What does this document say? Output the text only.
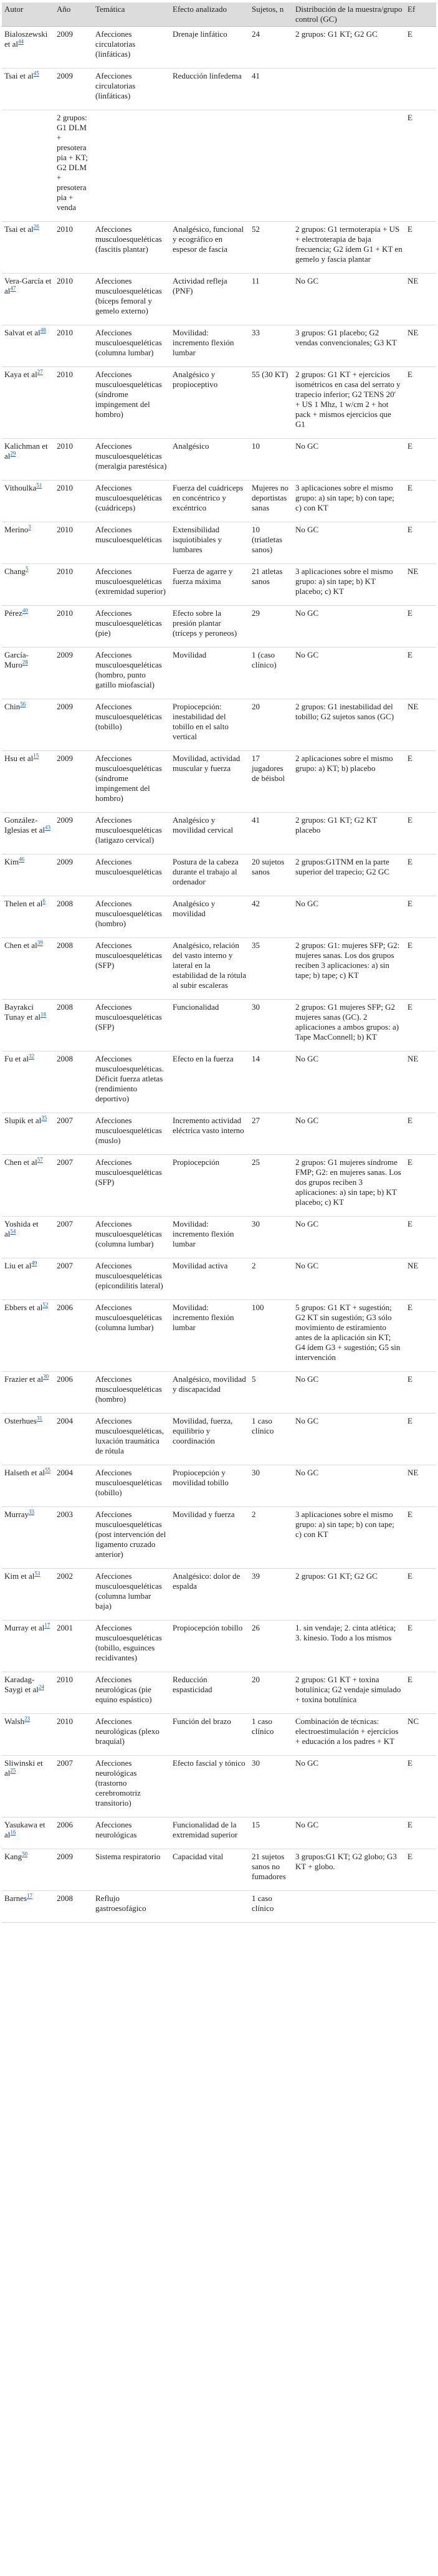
Autor	Año	Temática	Efecto analizado	Sujetos, n	Distribución de la muestra/grupo control (GC)	Ef
Bialoszewski et al$^{44}$	2009	Afecciones circulatorias (linfáticas)	Drenaje linfático	24	2 grupos: G1 KT; G2 GC	E
Tsai et al$^{45}$	2009	Afecciones circulatorias (linfáticas)	Reducción linfedema	41		
	2 grupos: G1 DLM + presoterapia + KT; G2 DLM + presoterapia + venda					E
Tsai et al$^{26}$	2010	Afecciones musculoesqueléticas (fascitis plantar)	Analgésico, funcional y ecográfico en espesor de fascia	52	2 grupos: G1 termoterapia + US + electroterapia de baja frecuencia; G2 ídem G1 + KT en gemelo y fascia plantar	E
Vera-García et al$^{47}$	2010	Afecciones musculoesqueléticas (bíceps femoral y gemelo externo)	Actividad refleja (PNF)	11	No GC	NE
Salvat et al$^{48}$	2010	Afecciones musculoesqueléticas (columna lumbar)	Movilidad: incremento flexión lumbar	33	3 grupos: G1 placebo; G2 vendas convencionales; G3 KT	NE
Kaya et al$^{27}$	2010	Afecciones musculoesqueléticas (síndrome impingement del hombro)	Analgésico y propioceptivo	55 (30 KT)	2 grupos: G1 KT + ejercicios isométricos en casa del serrato y trapecio inferior; G2 TENS 20′ + US 1 Mhz, 1 w/cm 2 + hot pack + mismos ejercicios que G1	E
Kalichman et al$^{29}$	2010	Afecciones musculoesqueléticas (meralgia parestésica)	Analgésico	10	No GC	E
Vithoulka$^{51}$	2010	Afecciones musculoesqueléticas (cuádriceps)	Fuerza del cuádriceps en concéntrico y excéntrico	Mujeres no deportistas sanas	3 aplicaciones sobre el mismo grupo: a) sin tape; b) con tape; c) con KT	E
Merino$^3$	2010	Afecciones musculoesqueléticas	Extensibilidad isquiotibiales y lumbares	10 (triatletas sanos)	No GC	E
Chang$^5$	2010	Afecciones musculoesqueléticas (extremidad superior)	Fuerza de agarre y fuerza máxima	21 atletas sanos	3 aplicaciones sobre el mismo grupo: a) sin tape; b) KT placebo; c) KT	NE
Pérez$^{40}$	2010	Afecciones musculoesqueléticas (pie)	Efecto sobre la presión plantar (tríceps y peroneos)	29	No GC	E
García-Muro$^{28}$	2009	Afecciones musculoesqueléticas (hombro, punto gatillo miofascial)	Movilidad	1 (caso clínico)	No GC	E
Chin$^{56}$	2009	Afecciones musculoesqueléticas (tobillo)	Propiocepción: inestabilidad del tobillo en el salto vertical	20	2 grupos: G1 inestabilidad del tobillo; G2 sujetos sanos (GC)	NE
Hsu et al$^{15}$	2009	Afecciones musculoesqueléticas (síndrome impingement del hombro)	Movilidad, actividad muscular y fuerza	17 jugadores de béisbol	2 aplicaciones sobre el mismo grupo: a) KT; b) placebo	E
González-Iglesias et al$^{43}$	2009	Afecciones musculoesqueléticas (latigazo cervical)	Analgésico y movilidad cervical	41	2 grupos: G1 KT; G2 KT placebo	E
Kim$^{46}$	2009	Afecciones musculoesqueléticas	Postura de la cabeza durante el trabajo al ordenador	20 sujetos sanos	2 grupos:G1TNM en la parte superior del trapecio; G2 GC	E
Thelen et al$^6$	2008	Afecciones musculoesqueléticas (hombro)	Analgésico y movilidad	42	No GC	E
Chen et al$^{39}$	2008	Afecciones musculoesqueléticas (SFP)	Analgésico, relación del vasto interno y lateral en la estabilidad de la rótula al subir escaleras	35	2 grupos: G1: mujeres SFP; G2: mujeres sanas. Los dos grupos reciben 3 aplicaciones: a) sin tape; b) tape; c) KT	E
Bayrakci Tunay et al$^{18}$	2008	Afecciones musculoesqueléticas (SFP)	Funcionalidad	30	2 grupos: G1 mujeres SFP; G2 mujeres sanas (GC). 2 aplicaciones a ambos grupos: a) Tape MacConnell; b) KT	E
Fu et al$^{32}$	2008	Afecciones musculoesqueléticas. Déficit fuerza atletas (rendimiento deportivo)	Efecto en la fuerza	14	No GC	NE
Slupik et al$^{35}$	2007	Afecciones musculoesqueléticas (muslo)	Incremento actividad eléctrica vasto interno	27	No GC	E
Chen et al$^{57}$	2007	Afecciones musculoesqueléticas (SFP)	Propiocepción	25	2 grupos: G1 mujeres síndrome FMP; G2: en mujeres sanas. Los dos grupos reciben 3 aplicaciones: a) sin tape; b) KT placebo; c) KT	E
Yoshida et al$^{54}$	2007	Afecciones musculoesqueléticas (columna lumbar)	Movilidad: incremento flexión lumbar	30	No GC	E
Liu et al$^{49}$	2007	Afecciones musculoesqueléticas (epicondilitis lateral)	Movilidad activa	2	No GC	NE
Ebbers et al$^{52}$	2006	Afecciones musculoesqueléticas (columna lumbar)	Movilidad: incremento flexión lumbar	100	5 grupos: G1 KT + sugestión; G2 KT sin sugestión; G3 sólo movimiento de estiramiento antes de la aplicación sin KT; G4 ídem G3 + sugestión; G5 sin intervención	E
Frazier et al$^{30}$	2006	Afecciones musculoesqueléticas (hombro)	Analgésico, movilidad y discapacidad	5	No GC	E
Osterhues$^{31}$	2004	Afecciones musculoesqueléticas, luxación traumática de rótula	Movilidad, fuerza, equilibrio y coordinación	1 caso clínico	No GC	E
Halseth et al$^{55}$	2004	Afecciones musculoesqueléticas (tobillo)	Propiocepción y movilidad tobillo	30	No GC	NE
Murray$^{33}$	2003	Afecciones musculoesqueléticas (post intervención del ligamento cruzado anterior)	Movilidad y fuerza	2	3 aplicaciones sobre el mismo grupo: a) sin tape; b) con tape; c) con KT	E
Kim et al$^{53}$	2002	Afecciones musculoesqueléticas (columna lumbar baja)	Analgésico: dolor de espalda	39	2 grupos: G1 KT; G2 GC	E
Murray et al$^{17}$	2001	Afecciones musculoesqueléticas (tobillo, esguinces recidivantes)	Propiocepción tobillo	26	1. sin vendaje; 2. cinta atlética; 3. kinesio. Todo a los mismos	E
Karadag-Saygi et al$^{24}$	2010	Afecciones neurológicas (pie equino espástico)	Reducción espasticidad	20	2 grupos: G1 KT + toxina botulínica; G2 vendaje simulado + toxina botulínica	E
Walsh$^{23}$	2010	Afecciones neurológicas (plexo braquial)	Función del brazo	1 caso clínico	Combinación de técnicas: electroestimulación + ejercicios + educación a los padres + KT	NC
Sliwinski et al$^{25}$	2007	Afecciones neurológicas (trastorno cerebromotriz transitorio)	Efecto fascial y tónico	30	No GC	E
Yasukawa et al$^{16}$	2006	Afecciones neurológicas	Funcionalidad de la extremidad superior	15	No GC	E
Kang$^{50}$	2009	Sistema respiratorio	Capacidad vital	21 sujetos sanos no fumadores	3 grupos:G1 KT; G2 globo; G3 KT + globo.	E
Barnes$^{17}$	2008	Reflujo gastroesofágico		1 caso clínico		
